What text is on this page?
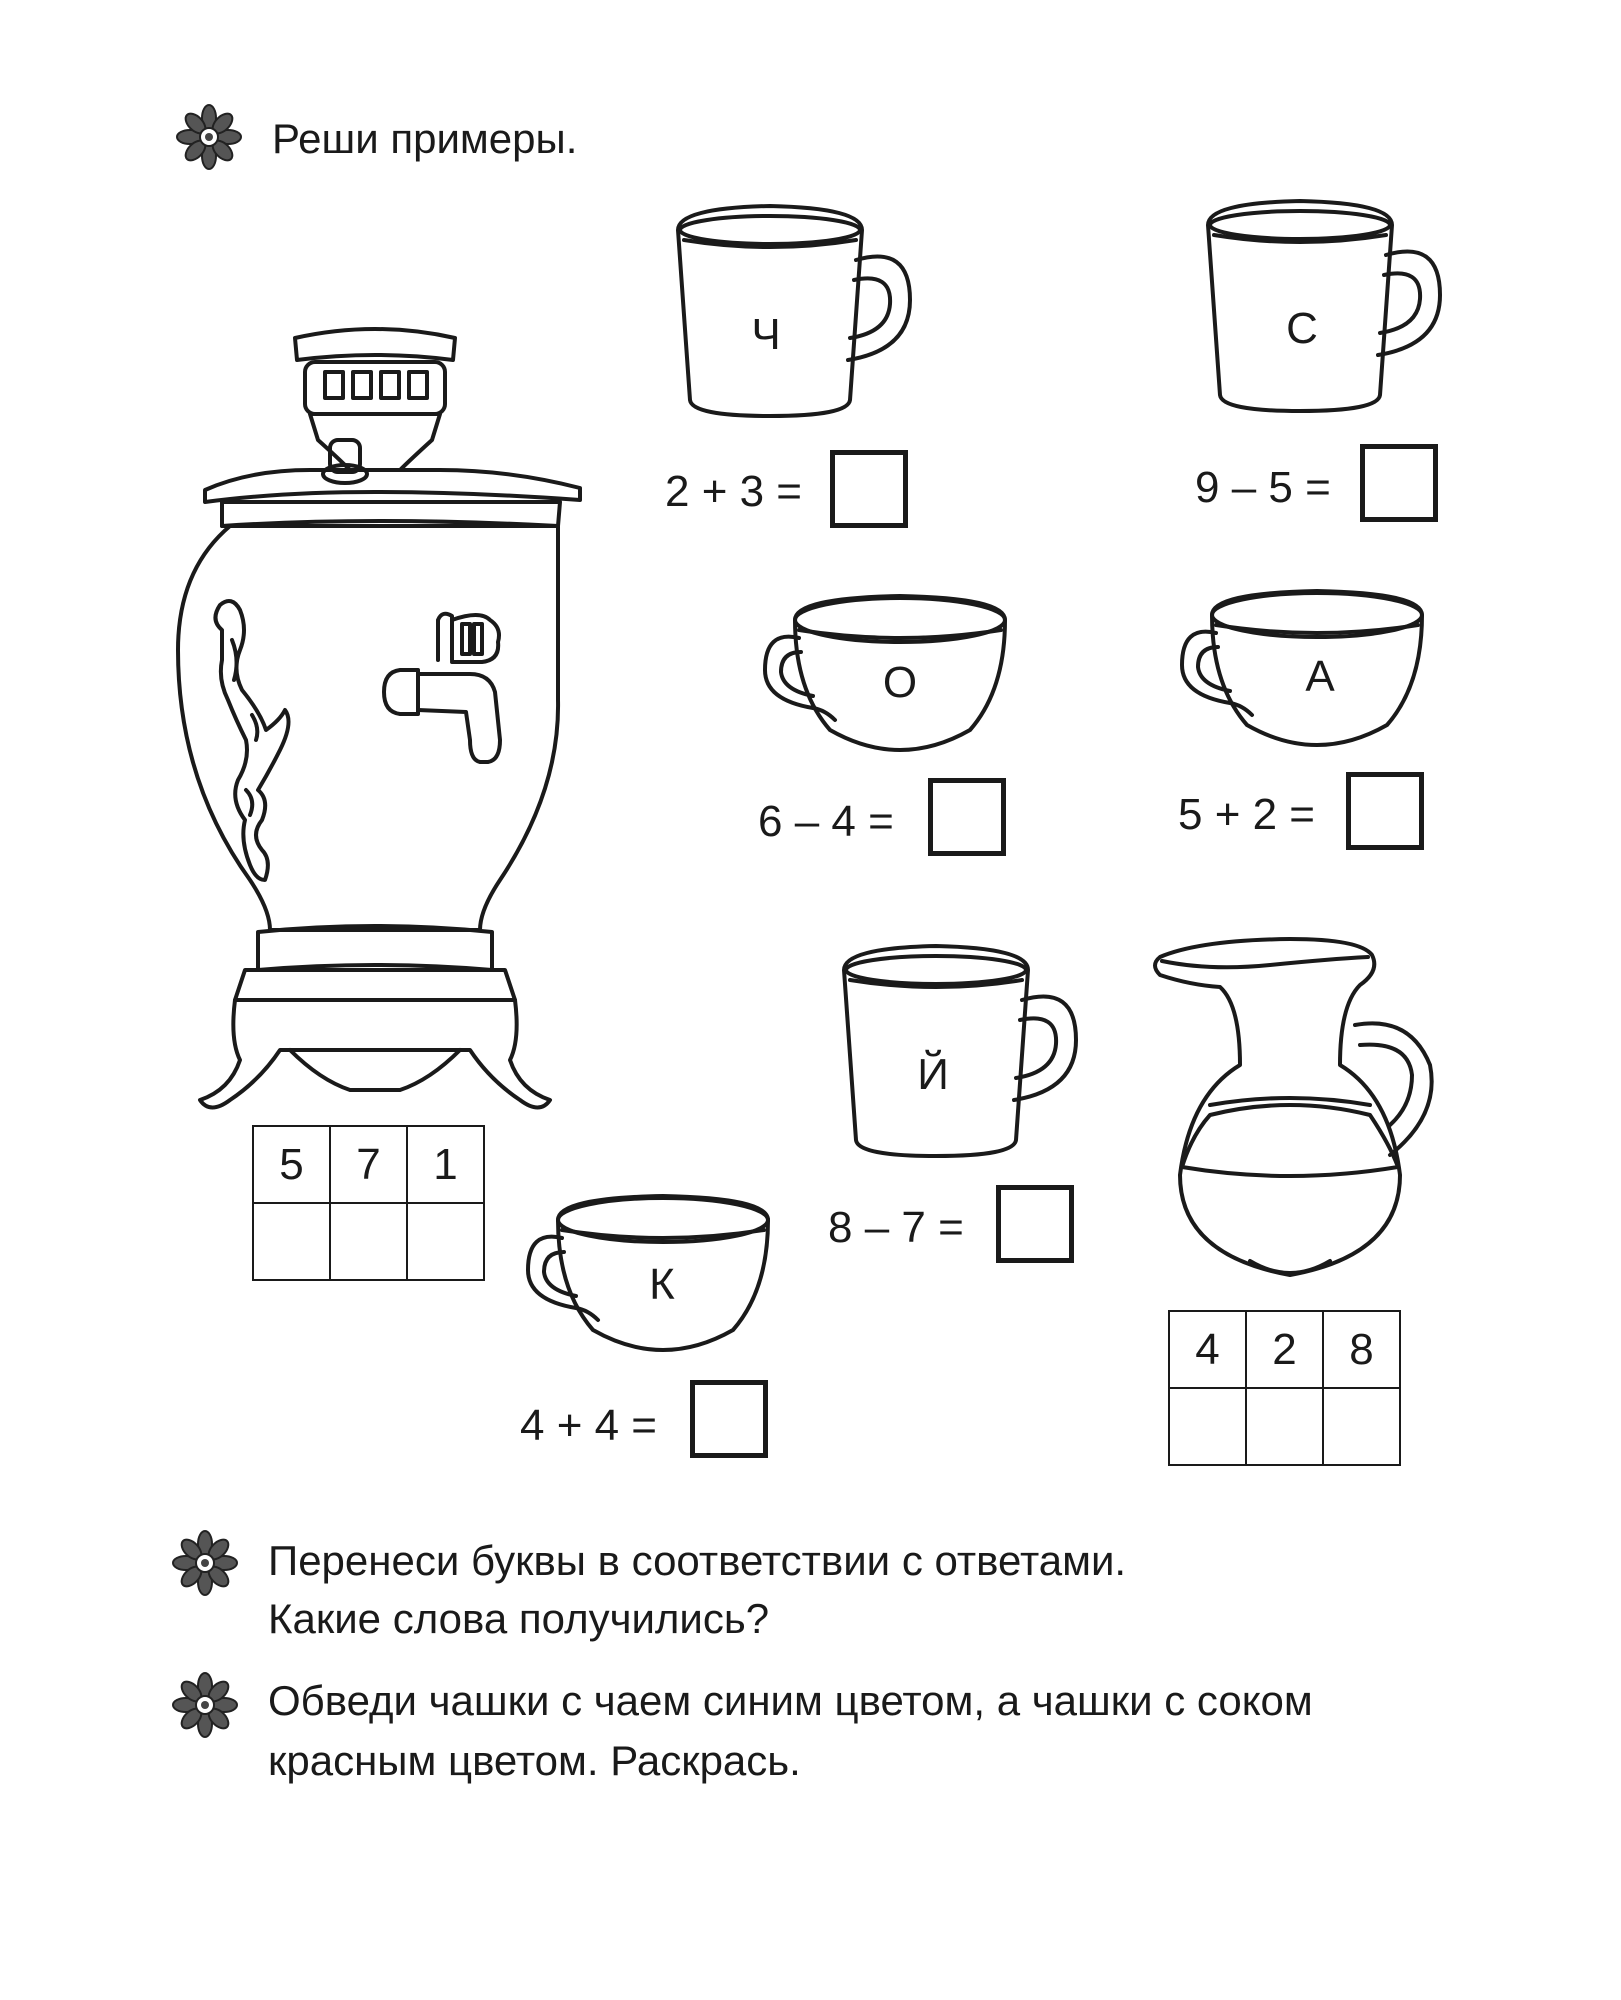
Реши примеры.
5	7	1

Ч
2 + 3 =
С
9 – 5 =
О
6 – 4 =
А
5 + 2 =
Й
8 – 7 =
К
4 + 4 =
4	2	8

Перенеси буквы в соответствии с ответами.
Какие слова получились?
Обведи чашки с чаем синим цветом, а чашки с соком
красным цветом. Раскрась.
